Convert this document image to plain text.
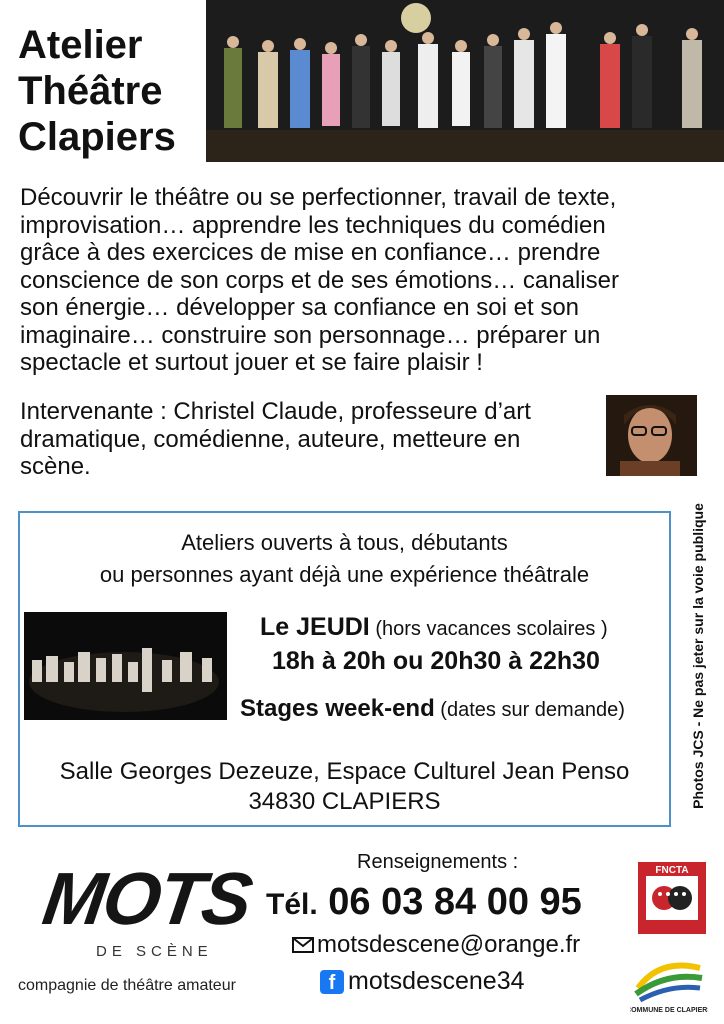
Atelier
Théâtre
Clapiers
Découvrir le théâtre ou se perfectionner, travail de texte,
improvisation… apprendre les techniques du comédien
grâce à des exercices de mise en confiance… prendre
conscience de son corps et de ses émotions… canaliser
son énergie… développer sa confiance en soi et son
imaginaire… construire son personnage… préparer un
spectacle et surtout jouer et se faire plaisir !
Intervenante : Christel Claude, professeure d’art
dramatique, comédienne, auteure, metteure en
scène.
Ateliers ouverts à tous, débutants
ou personnes ayant déjà une expérience théâtrale
Le JEUDI (hors vacances scolaires )
18h à 20h ou 20h30 à 22h30
Stages week-end (dates sur demande)
Salle Georges Dezeuze, Espace Culturel Jean Penso
34830 CLAPIERS	Photos JCS - Ne pas jeter sur la voie publique
MOTS
DE SCÈNE
compagnie de théâtre amateur
Renseignements :
Tél. 06 03 84 00 95
motsdescene@orange.fr
f motsdescene34
FNCTA
COMMUNE DE CLAPIERS
